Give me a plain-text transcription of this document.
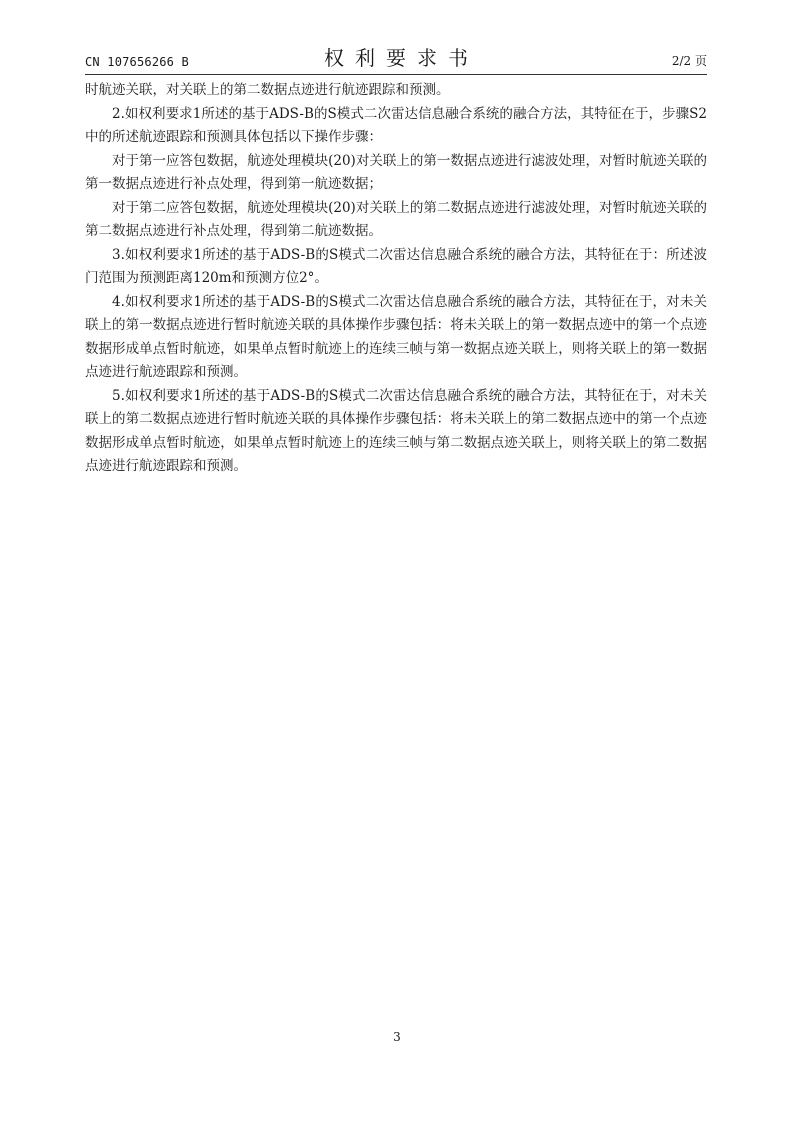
CN 107656266 B	权利要求书	2/2 页

时航迹关联，对关联上的第二数据点迹进行航迹跟踪和预测。

2.如权利要求1所述的基于ADS-B的S模式二次雷达信息融合系统的融合方法，其特征在于，步骤S2中的所述航迹跟踪和预测具体包括以下操作步骤：

对于第一应答包数据，航迹处理模块(20)对关联上的第一数据点迹进行滤波处理，对暂时航迹关联的第一数据点迹进行补点处理，得到第一航迹数据；

对于第二应答包数据，航迹处理模块(20)对关联上的第二数据点迹进行滤波处理，对暂时航迹关联的第二数据点迹进行补点处理，得到第二航迹数据。

3.如权利要求1所述的基于ADS-B的S模式二次雷达信息融合系统的融合方法，其特征在于：所述波门范围为预测距离120m和预测方位2°。

4.如权利要求1所述的基于ADS-B的S模式二次雷达信息融合系统的融合方法，其特征在于，对未关联上的第一数据点迹进行暂时航迹关联的具体操作步骤包括：将未关联上的第一数据点迹中的第一个点迹数据形成单点暂时航迹，如果单点暂时航迹上的连续三帧与第一数据点迹关联上，则将关联上的第一数据点迹进行航迹跟踪和预测。

5.如权利要求1所述的基于ADS-B的S模式二次雷达信息融合系统的融合方法，其特征在于，对未关联上的第二数据点迹进行暂时航迹关联的具体操作步骤包括：将未关联上的第二数据点迹中的第一个点迹数据形成单点暂时航迹，如果单点暂时航迹上的连续三帧与第二数据点迹关联上，则将关联上的第二数据点迹进行航迹跟踪和预测。

3
